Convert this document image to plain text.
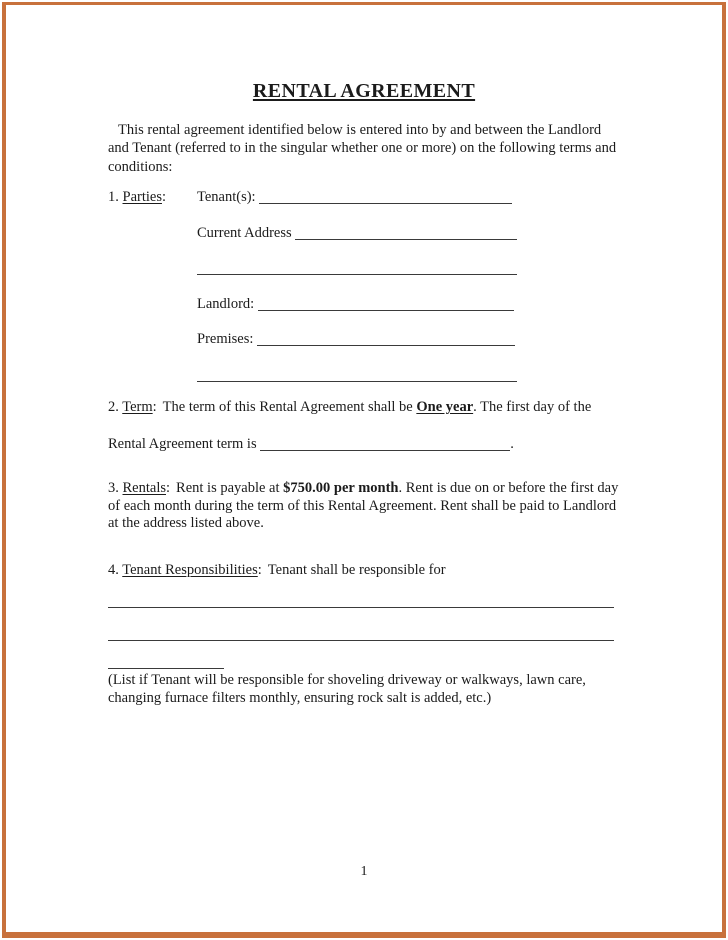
RENTAL AGREEMENT

This rental agreement identified below is entered into by and between the Landlord and Tenant (referred to in the singular whether one or more) on the following terms and conditions:

1. Parties:	Tenant(s):
Current Address
Landlord:
Premises:

2. Term: The term of this Rental Agreement shall be One year. The first day of the

Rental Agreement term is	.

3. Rentals: Rent is payable at $750.00 per month. Rent is due on or before the first day of each month during the term of this Rental Agreement. Rent shall be paid to Landlord at the address listed above.

4. Tenant Responsibilities: Tenant shall be responsible for

(List if Tenant will be responsible for shoveling driveway or walkways, lawn care, changing furnace filters monthly, ensuring rock salt is added, etc.)

1
